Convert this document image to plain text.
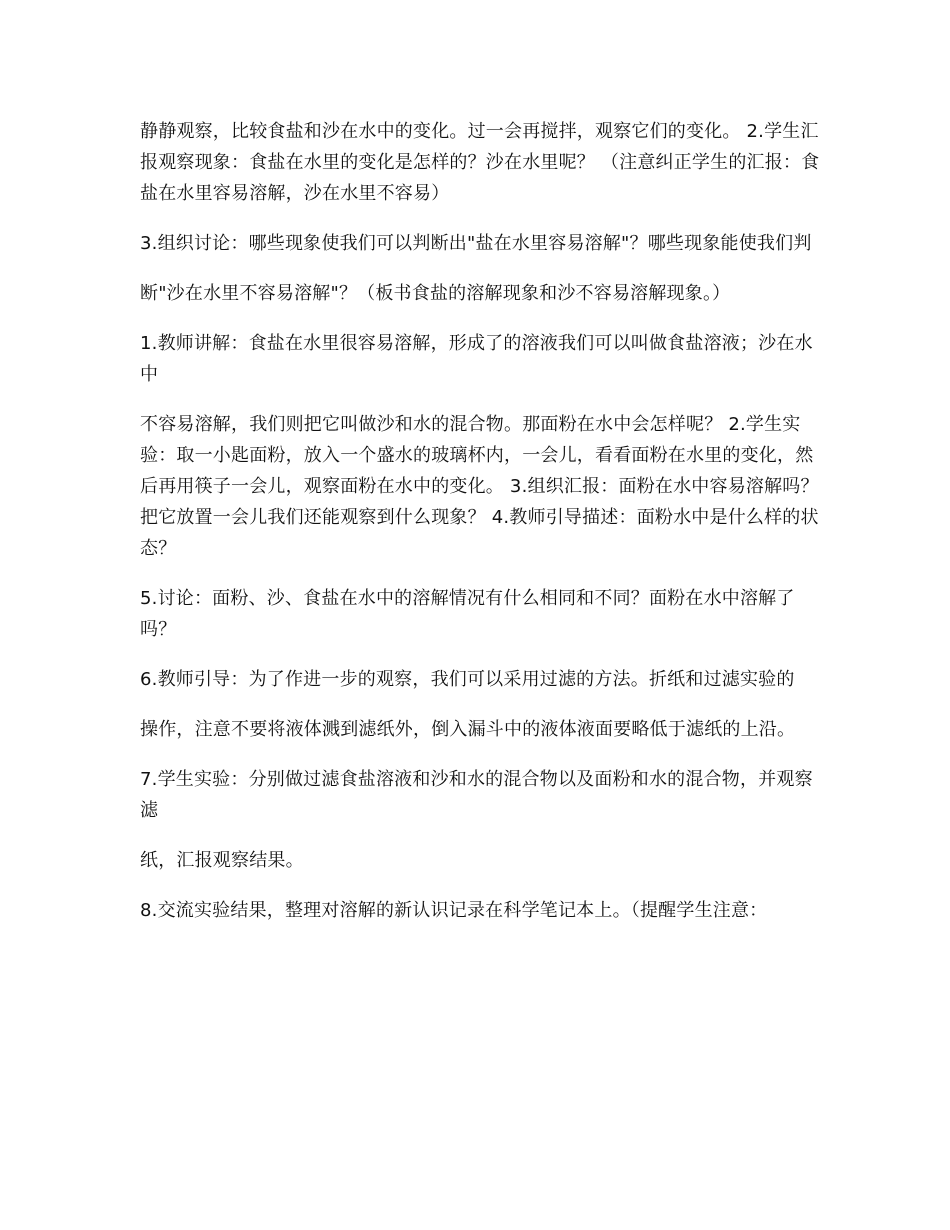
静静观察，比较食盐和沙在水中的变化。过一会再搅拌，观察它们的变化。 2.学生汇报观察现象：食盐在水里的变化是怎样的？沙在水里呢？ （注意纠正学生的汇报：食盐在水里容易溶解，沙在水里不容易）

3.组织讨论：哪些现象使我们可以判断出"盐在水里容易溶解"？哪些现象能使我们判

断"沙在水里不容易溶解"？（板书食盐的溶解现象和沙不容易溶解现象。）

1.教师讲解：食盐在水里很容易溶解，形成了的溶液我们可以叫做食盐溶液；沙在水中

不容易溶解，我们则把它叫做沙和水的混合物。那面粉在水中会怎样呢？ 2.学生实验：取一小匙面粉，放入一个盛水的玻璃杯内，一会儿，看看面粉在水里的变化，然后再用筷子一会儿，观察面粉在水中的变化。 3.组织汇报：面粉在水中容易溶解吗？把它放置一会儿我们还能观察到什么现象？ 4.教师引导描述：面粉水中是什么样的状态？

5.讨论：面粉、沙、食盐在水中的溶解情况有什么相同和不同？面粉在水中溶解了吗？

6.教师引导：为了作进一步的观察，我们可以采用过滤的方法。折纸和过滤实验的

操作，注意不要将液体溅到滤纸外，倒入漏斗中的液体液面要略低于滤纸的上沿。

7.学生实验：分别做过滤食盐溶液和沙和水的混合物以及面粉和水的混合物，并观察滤

纸，汇报观察结果。

8.交流实验结果，整理对溶解的新认识记录在科学笔记本上。（提醒学生注意：
